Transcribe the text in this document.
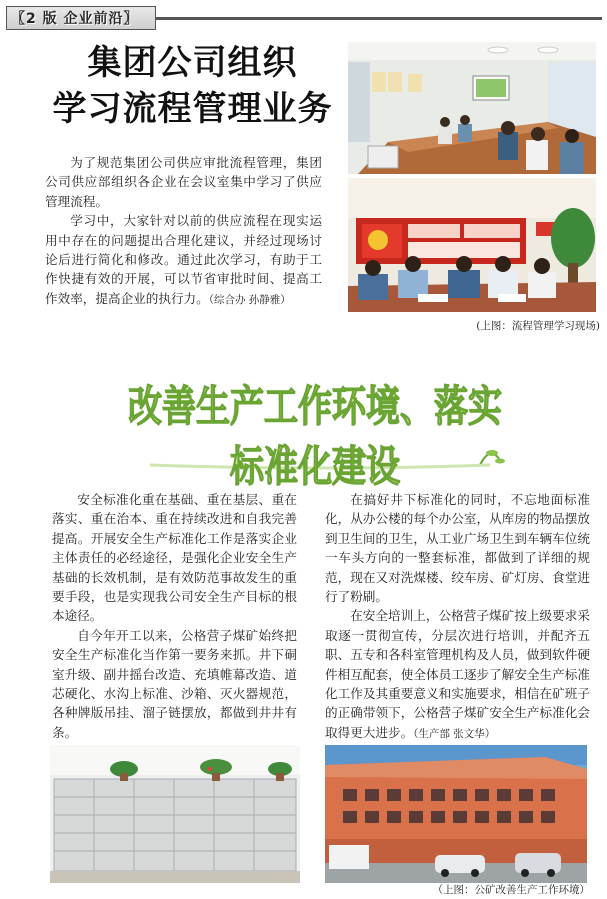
〖2 版 企业前沿〗
集团公司组织
学习流程管理业务

为了规范集团公司供应审批流程管理，集团公司供应部组织各企业在会议室集中学习了供应管理流程。

学习中，大家针对以前的供应流程在现实运用中存在的问题提出合理化建议，并经过现场讨论后进行简化和修改。通过此次学习，有助于工作快捷有效的开展，可以节省审批时间、提高工作效率，提高企业的执行力。（综合办 孙静雅）

(上图：流程管理学习现场)
改善生产工作环境、落实标准化建设

安全标准化重在基础、重在基层、重在落实、重在治本、重在持续改进和自我完善提高。开展安全生产标准化工作是落实企业主体责任的必经途径，是强化企业安全生产基础的长效机制，是有效防范事故发生的重要手段，也是实现我公司安全生产目标的根本途径。

自今年开工以来，公格营子煤矿始终把安全生产标准化当作第一要务来抓。井下硐室升级、副井摇台改造、充填帷幕改造、道芯硬化、水沟上标准、沙箱、灭火器规范，各种牌版吊挂、溜子链摆放，都做到井井有条。

在搞好井下标准化的同时，不忘地面标准化，从办公楼的每个办公室，从库房的物品摆放到卫生间的卫生，从工业广场卫生到车辆车位统一车头方向的一整套标准，都做到了详细的规范，现在又对洗煤楼、绞车房、矿灯房、食堂进行了粉刷。

在安全培训上，公格营子煤矿按上级要求采取逐一贯彻宣传，分层次进行培训，并配齐五职、五专和各科室管理机构及人员，做到软件硬件相互配套，使全体员工逐步了解安全生产标准化工作及其重要意义和实施要求，相信在矿班子的正确带领下，公格营子煤矿安全生产标准化会取得更大进步。（生产部 张文华）

（上图：公矿改善生产工作环境）
